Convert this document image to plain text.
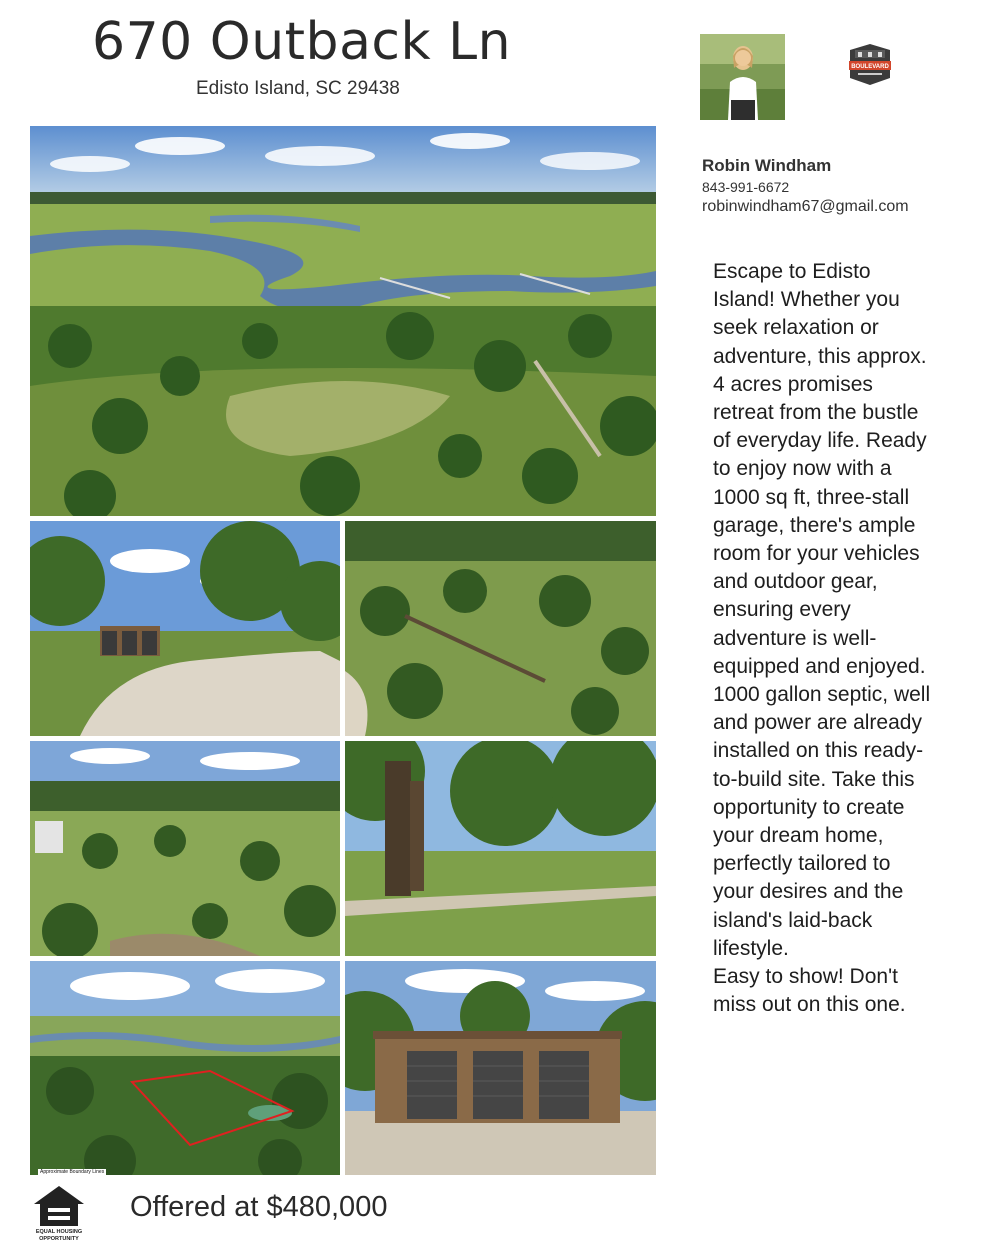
670 Outback Ln
Edisto Island, SC 29438
BOULEVARD
Robin Windham
843-991-6672
robinwindham67@gmail.com
Escape to Edisto Island! Whether you seek relaxation or adventure, this approx. 4 acres promises retreat from the bustle of everyday life. Ready to enjoy now with a 1000 sq ft, three-stall garage, there's ample room for your vehicles and outdoor gear, ensuring every adventure is well-equipped and enjoyed. 1000 gallon septic, well and power are already installed on this ready-to-build site. Take this opportunity to create your dream home, perfectly tailored to your desires and the island's laid-back lifestyle.
Easy to show! Don't miss out on this one.
Approximate Boundary Lines
EQUAL HOUSING
OPPORTUNITY
Offered at $480,000
